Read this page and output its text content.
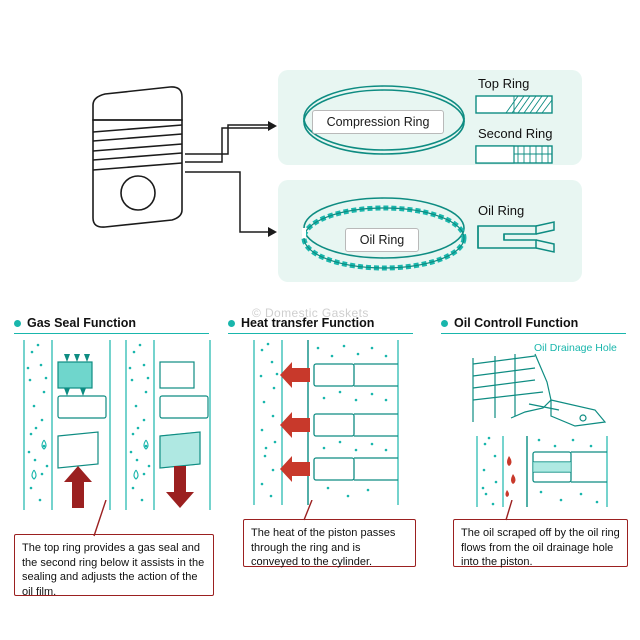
Compression Ring
Top Ring
Second Ring
Oil Ring
Oil Ring
© Domestic Gaskets
Gas Seal Function
The top ring provides a gas seal and the second ring below it assists in the sealing and adjusts the action of the oil film.
Heat transfer Function
The heat of the piston passes through the ring and is conveyed to the cylinder.
Oil Controll Function
Oil Drainage Hole
The oil scraped off by the oil ring flows from the oil drainage hole into the piston.
